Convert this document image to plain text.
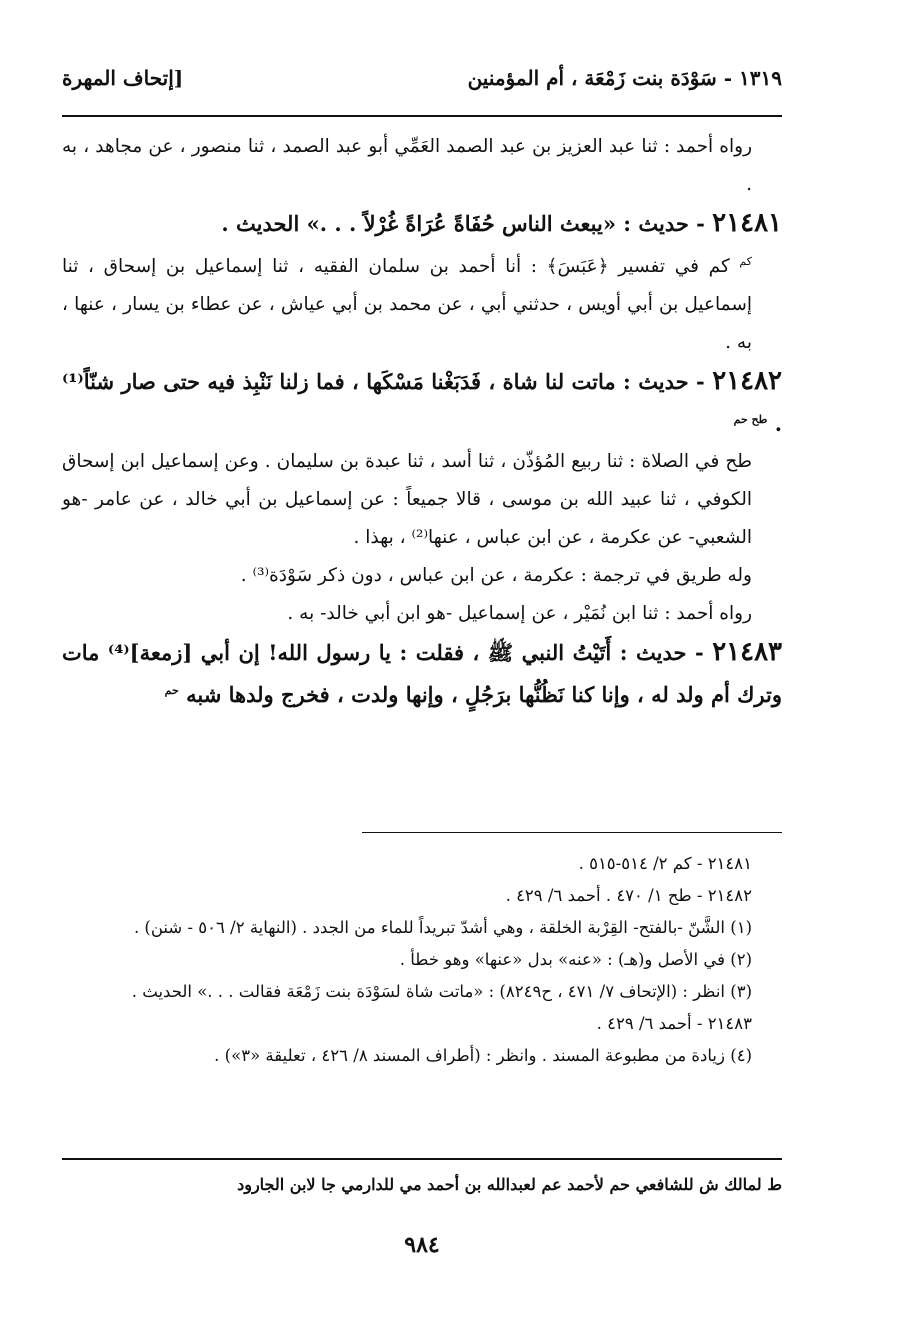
١٣١٩ - سَوْدَة بنت زَمْعَة ، أم المؤمنين
[إتحاف المهرة

رواه أحمد : ثنا عبد العزيز بن عبد الصمد العَمِّي أبو عبد الصمد ، ثنا منصور ، عن مجاهد ، به .

٢١٤٨١ - حديث : «يبعث الناس حُفَاةً عُرَاةً غُرْلاً . . .» الحديث .

$^{كم}$ كم في تفسير ﴿عَبَسَ﴾ : أنا أحمد بن سلمان الفقيه ، ثنا إسماعيل بن إسحاق ، ثنا إسماعيل بن أبي أويس ، حدثني أبي ، عن محمد بن أبي عياش ، عن عطاء بن يسار ، عنها ، به .

٢١٤٨٢ - حديث : ماتت لنا شاة ، فَدَبَغْنا مَسْكَها ، فما زلنا نَنْبِذ فيه حتى صار شنّاً⁽¹⁾ . $^{طح حم}$

طح في الصلاة : ثنا ربيع المُؤذّن ، ثنا أسد ، ثنا عبدة بن سليمان . وعن إسماعيل ابن إسحاق الكوفي ، ثنا عبيد الله بن موسى ، قالا جميعاً : عن إسماعيل بن أبي خالد ، عن عامر -هو الشعبي- عن عكرمة ، عن ابن عباس ، عنها⁽²⁾ ، بهذا .

وله طريق في ترجمة : عكرمة ، عن ابن عباس ، دون ذكر سَوْدَة⁽³⁾ .

رواه أحمد : ثنا ابن نُمَيْر ، عن إسماعيل -هو ابن أبي خالد- به .

٢١٤٨٣ - حديث : أَتَيْتُ النبي ﷺ ، فقلت : يا رسول الله! إن أبي [زمعة]⁽⁴⁾ مات وترك أم ولد له ، وإنا كنا نَظُنُّها برَجُلٍ ، وإنها ولدت ، فخرج ولدها شبه $^{حم}$

٢١٤٨١ - كم ٢/ ٥١٤-٥١٥ .

٢١٤٨٢ - طح ١/ ٤٧٠ . أحمد ٦/ ٤٢٩ .

(١) الشَّنّ -بالفتح- القِرْبة الخلقة ، وهي أشدّ تبريداً للماء من الجدد . (النهاية ٢/ ٥٠٦ - شنن) .

(٢) في الأصل و(هـ) : «عنه» بدل «عنها» وهو خطأ .

(٣) انظر : (الإتحاف ٧/ ٤٧١ ، ح٨٢٤٩) : «ماتت شاة لسَوْدَة بنت زَمْعَة فقالت . . .» الحديث .

٢١٤٨٣ - أحمد ٦/ ٤٢٩ .

(٤) زيادة من مطبوعة المسند . وانظر : (أطراف المسند ٨/ ٤٢٦ ، تعليقة «٣») .

ط لمالك ش للشافعي حم لأحمد عم لعبدالله بن أحمد مي للدارمي جا لابن الجارود
٩٨٤
